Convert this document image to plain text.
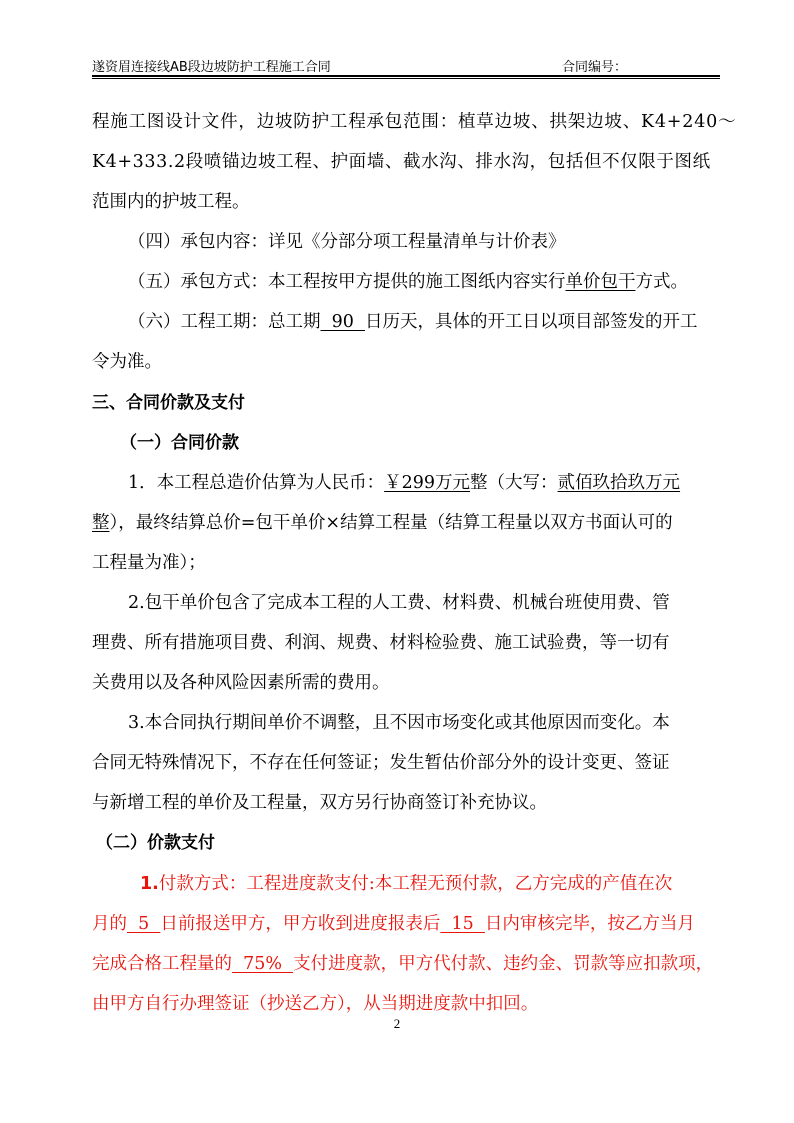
遂资眉连接线AB段边坡防护工程施工合同	合同编号：
程施工图设计文件，边坡防护工程承包范围：植草边坡、拱架边坡、K4+240～
K4+333.2段喷锚边坡工程、护面墙、截水沟、排水沟，包括但不仅限于图纸
范围内的护坡工程。
（四）承包内容：详见《分部分项工程量清单与计价表》
（五）承包方式：本工程按甲方提供的施工图纸内容实行单价包干方式。
（六）工程工期：总工期  90  日历天，具体的开工日以项目部签发的开工
令为准。
三、合同价款及支付
（一）合同价款
1．本工程总造价估算为人民币：￥299万元整（大写：贰佰玖拾玖万元
整），最终结算总价=包干单价×结算工程量（结算工程量以双方书面认可的
工程量为准）；
2.包干单价包含了完成本工程的人工费、材料费、机械台班使用费、管
理费、所有措施项目费、利润、规费、材料检验费、施工试验费，等一切有
关费用以及各种风险因素所需的费用。
3.本合同执行期间单价不调整，且不因市场变化或其他原因而变化。本
合同无特殊情况下，不存在任何签证；发生暂估价部分外的设计变更、签证
与新增工程的单价及工程量，双方另行协商签订补充协议。
（二）价款支付
1.付款方式：工程进度款支付:本工程无预付款，乙方完成的产值在次
月的  5  日前报送甲方，甲方收到进度报表后  15  日内审核完毕，按乙方当月
完成合格工程量的  75%  支付进度款，甲方代付款、违约金、罚款等应扣款项，
由甲方自行办理签证（抄送乙方），从当期进度款中扣回。
2
